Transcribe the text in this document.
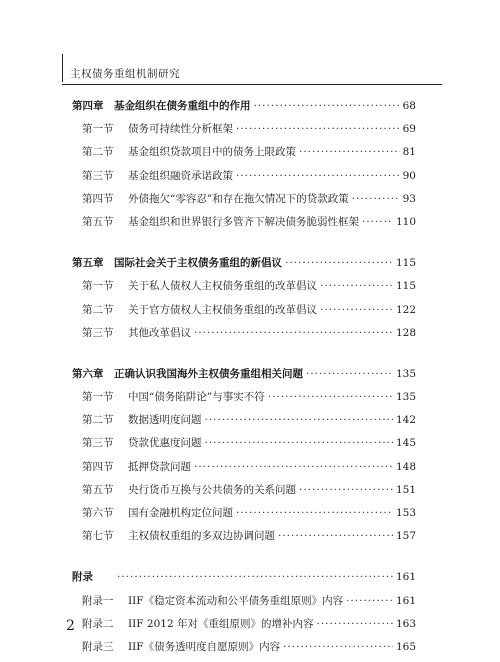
主权债务重组机制研究
第四章	基金组织在债务重组中的作用 ·····	68
第一节	债务可持续性分析框架 ·····	69
第二节	基金组织贷款项目中的债务上限政策 ·····	81
第三节	基金组织融资承诺政策 ·····	90
第四节	外债拖欠“零容忍”和存在拖欠情况下的贷款政策 ·····	93
第五节	基金组织和世界银行多管齐下解决债务脆弱性框架 ·····	110
第五章	国际社会关于主权债务重组的新倡议 ·····	115
第一节	关于私人债权人主权债务重组的改革倡议 ·····	115
第二节	关于官方债权人主权债务重组的改革倡议 ·····	122
第三节	其他改革倡议 ·····	128
第六章	正确认识我国海外主权债务重组相关问题 ·····	135
第一节	中国“债务陷阱论”与事实不符 ·····	135
第二节	数据透明度问题 ·····	142
第三节	贷款优惠度问题 ·····	145
第四节	抵押贷款问题 ·····	148
第五节	央行货币互换与公共债务的关系问题 ·····	151
第六节	国有金融机构定位问题 ·····	153
第七节	主权债权重组的多双边协调问题 ·····	157
附录 ·····	161
附录一	IIF《稳定资本流动和公平债务重组原则》内容 ·····	161
附录二	IIF 2012 年对《重组原则》的增补内容 ·····	163
附录三	IIF《债务透明度自愿原则》内容 ·····	165
2
